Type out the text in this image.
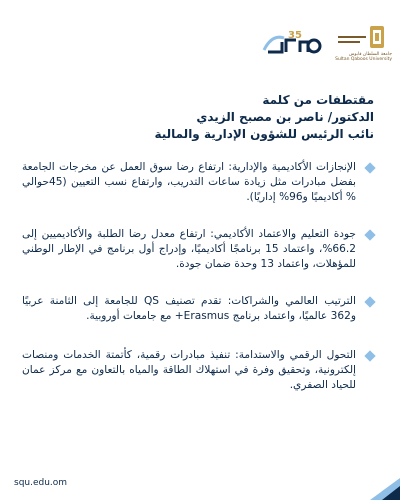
35
جامعة السلطان قابوس
Sultan Qaboos University
مقتطفات من كلمة
الدكتور/ ناصر بن مصبح الزيدي
نائب الرئيس للشؤون الإدارية والمالية

الإنجازات الأكاديمية والإدارية: ارتفاع رضا سوق العمل عن مخرجات الجامعة بفضل مبادرات مثل زيادة ساعات التدريب، وارتفاع نسب التعيين (45حوالي % أكاديميًا و96% إداريًا).

جودة التعليم والاعتماد الأكاديمي: ارتفاع معدل رضا الطلبة والأكاديميين إلى 66.2%، واعتماد 15 برنامجًا أكاديميًا، وإدراج أول برنامج في الإطار الوطني للمؤهلات، واعتماد 13 وحدة ضمان جودة.

الترتيب العالمي والشراكات: تقدم تصنيف QS للجامعة إلى الثامنة عربيًا و362 عالميًا، واعتماد برنامج Erasmus+ مع جامعات أوروبية.

التحول الرقمي والاستدامة: تنفيذ مبادرات رقمية، كأتمتة الخدمات ومنصات إلكترونية، وتحقيق وفرة في استهلاك الطاقة والمياه بالتعاون مع مركز عمان للحياد الصفري.

squ.edu.om
